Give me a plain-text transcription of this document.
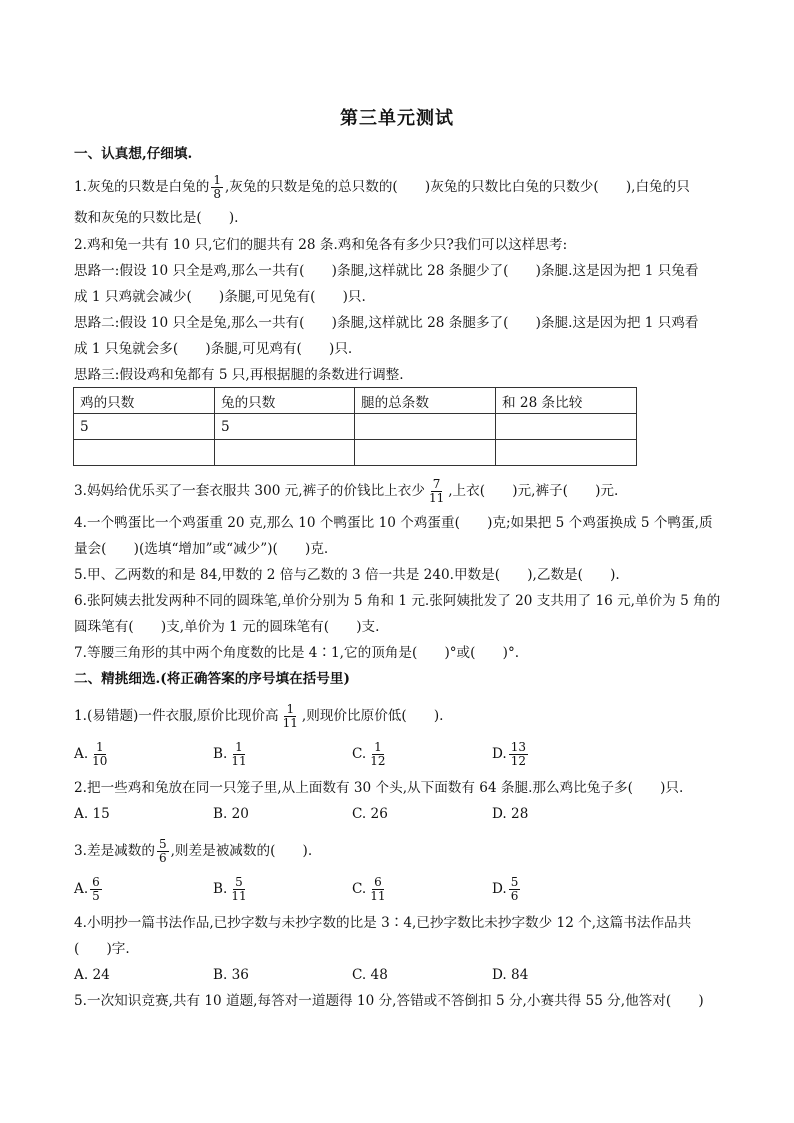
第三单元测试
一、认真想,仔细填.
1.灰兔的只数是白兔的 $\frac{1}{8}$ ,灰兔的只数是兔的总只数的(　　)灰兔的只数比白兔的只数少(　　),白兔的只
数和灰兔的只数比是(　　).
2.鸡和兔一共有 10 只,它们的腿共有 28 条.鸡和兔各有多少只?我们可以这样思考:
思路一:假设 10 只全是鸡,那么一共有(　　)条腿,这样就比 28 条腿少了(　　)条腿.这是因为把 1 只兔看
成 1 只鸡就会减少(　　)条腿,可见兔有(　　)只.
思路二:假设 10 只全是兔,那么一共有(　　)条腿,这样就比 28 条腿多了(　　)条腿.这是因为把 1 只鸡看
成 1 只兔就会多(　　)条腿,可见鸡有(　　)只.
思路三:假设鸡和兔都有 5 只,再根据腿的条数进行调整.
鸡的只数	兔的只数	腿的总条数	和 28 条比较
5	5		

3.妈妈给优乐买了一套衣服共 300 元,裤子的价钱比上衣少 $\frac{7}{11}$ ,上衣(　　)元,裤子(　　)元.
4.一个鸭蛋比一个鸡蛋重 20 克,那么 10 个鸭蛋比 10 个鸡蛋重(　　)克;如果把 5 个鸡蛋换成 5 个鸭蛋,质
量会(　　)(选填“增加”或“减少”)(　　)克.
5.甲、乙两数的和是 84,甲数的 2 倍与乙数的 3 倍一共是 240.甲数是(　　),乙数是(　　).
6.张阿姨去批发两种不同的圆珠笔,单价分别为 5 角和 1 元.张阿姨批发了 20 支共用了 16 元,单价为 5 角的
圆珠笔有(　　)支,单价为 1 元的圆珠笔有(　　)支.
7.等腰三角形的其中两个角度数的比是 4∶1,它的顶角是(　　)°或(　　)°.
二、精挑细选.(将正确答案的序号填在括号里)
1.(易错题)一件衣服,原价比现价高 $\frac{1}{11}$ ,则现价比原价低(　　).
A. $\frac{1}{10}$	B. $\frac{1}{11}$	C. $\frac{1}{12}$	D. $\frac{13}{12}$
2.把一些鸡和兔放在同一只笼子里,从上面数有 30 个头,从下面数有 64 条腿.那么鸡比兔子多(　　)只.
A. 15	B. 20	C. 26	D. 28
3.差是减数的 $\frac{5}{6}$ ,则差是被减数的(　　).
A. $\frac{6}{5}$	B. $\frac{5}{11}$	C. $\frac{6}{11}$	D. $\frac{5}{6}$
4.小明抄一篇书法作品,已抄字数与未抄字数的比是 3∶4,已抄字数比未抄字数少 12 个,这篇书法作品共
(　　)字.
A. 24	B. 36	C. 48	D. 84
5.一次知识竞赛,共有 10 道题,每答对一道题得 10 分,答错或不答倒扣 5 分,小赛共得 55 分,他答对(　　)
